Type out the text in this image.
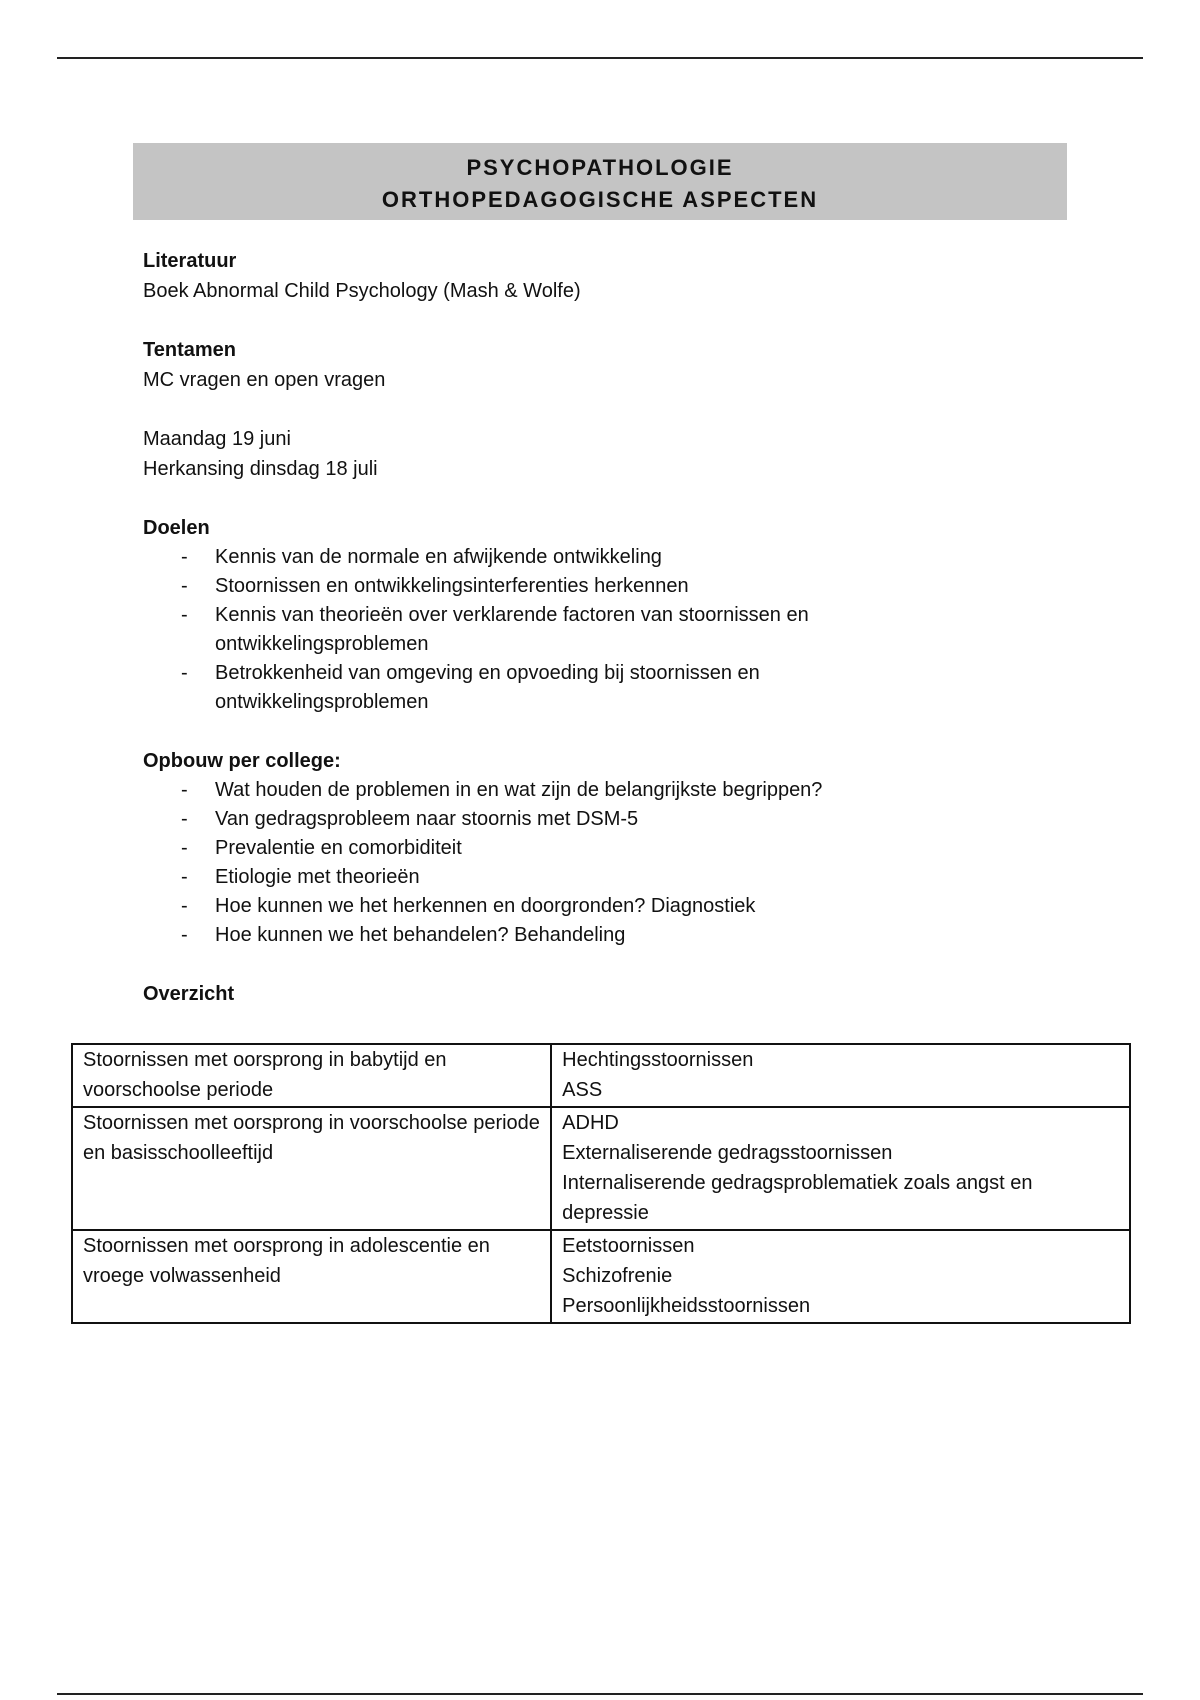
PSYCHOPATHOLOGIE
ORTHOPEDAGOGISCHE ASPECTEN
Literatuur
Boek Abnormal Child Psychology (Mash & Wolfe)
Tentamen
MC vragen en open vragen
Maandag 19 juni
Herkansing dinsdag 18 juli
Doelen
- Kennis van de normale en afwijkende ontwikkeling
- Stoornissen en ontwikkelingsinterferenties herkennen
- Kennis van theorieën over verklarende factoren van stoornissen en ontwikkelingsproblemen
- Betrokkenheid van omgeving en opvoeding bij stoornissen en ontwikkelingsproblemen
Opbouw per college:
- Wat houden de problemen in en wat zijn de belangrijkste begrippen?
- Van gedragsprobleem naar stoornis met DSM-5
- Prevalentie en comorbiditeit
- Etiologie met theorieën
- Hoe kunnen we het herkennen en doorgronden? Diagnostiek
- Hoe kunnen we het behandelen? Behandeling
Overzicht
Stoornissen met oorsprong in babytijd en voorschoolse periode	Hechtingsstoornissen
ASS

Stoornissen met oorsprong in voorschoolse periode en basisschoolleeftijd	ADHD
Externaliserende gedragsstoornissen
Internaliserende gedragsproblematiek zoals angst en depressie

Stoornissen met oorsprong in adolescentie en vroege volwassenheid	Eetstoornissen
Schizofrenie
Persoonlijkheidsstoornissen
